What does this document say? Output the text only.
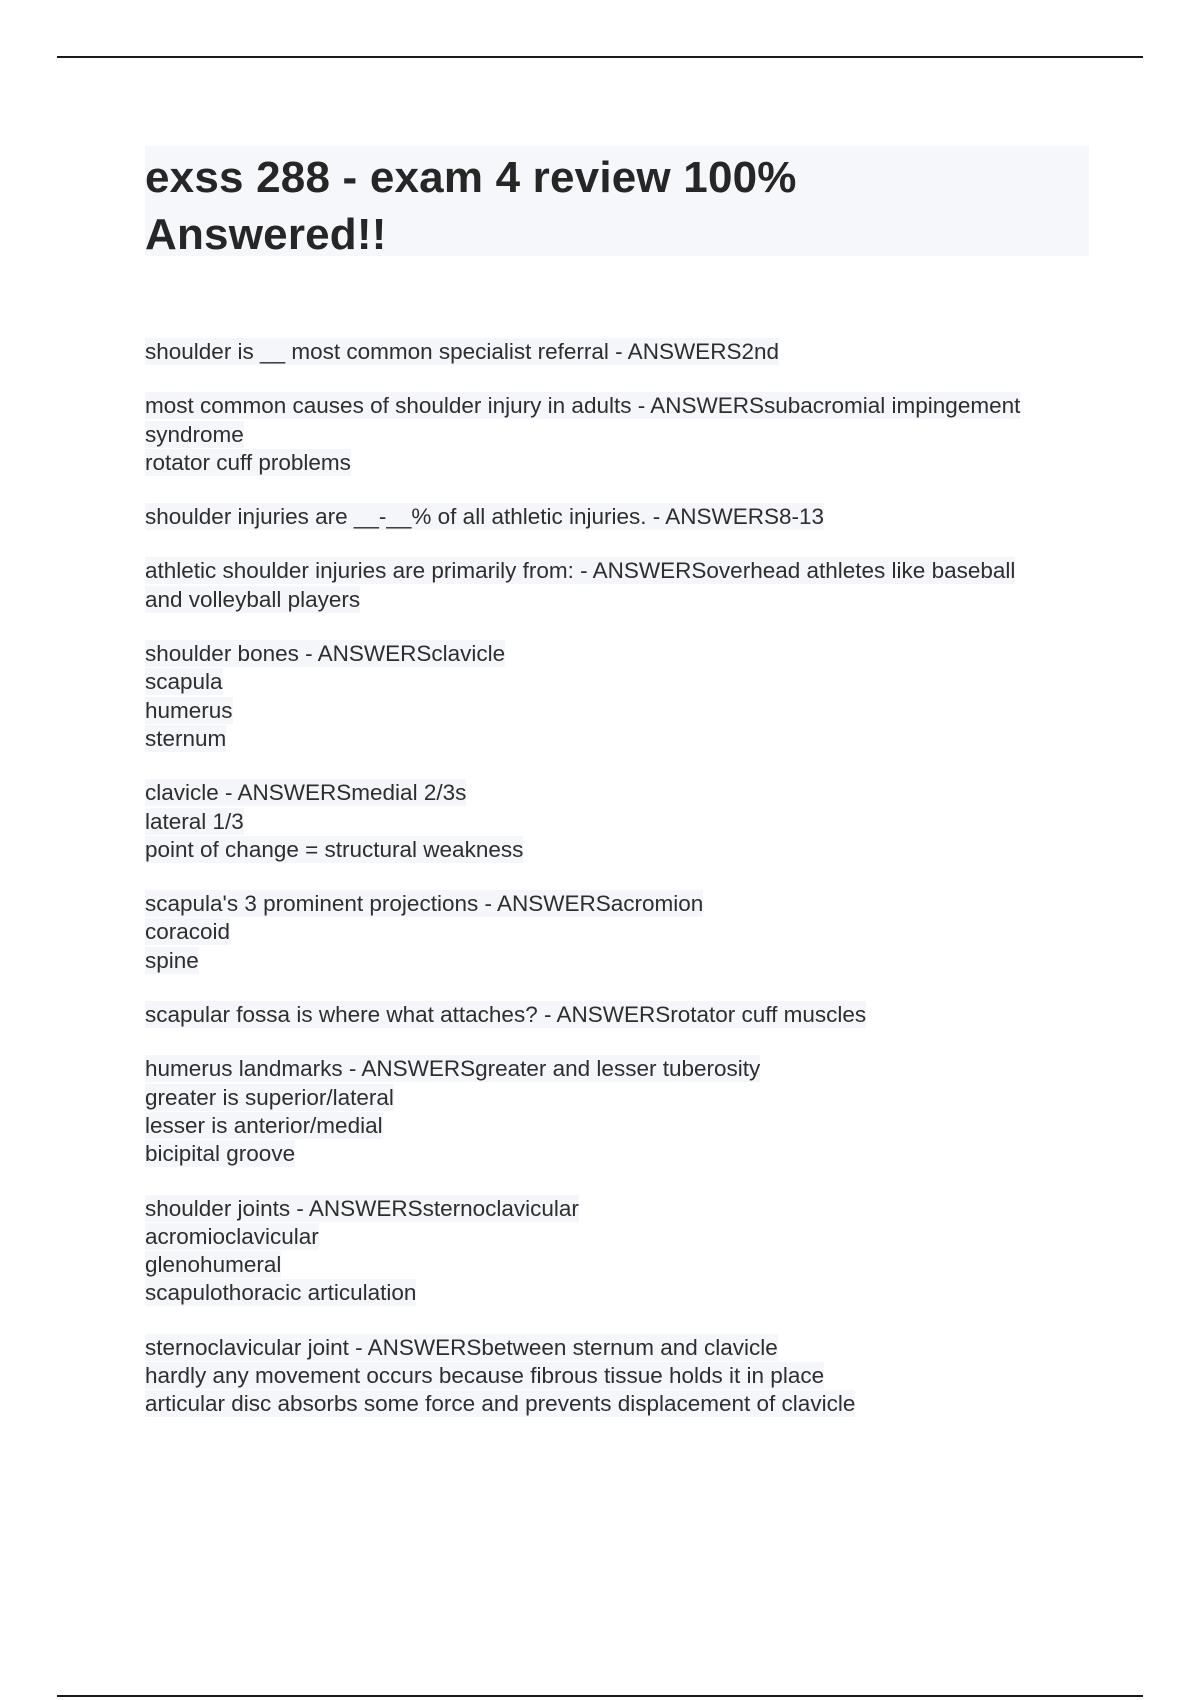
exss 288 - exam 4 review 100%
Answered!!
shoulder is __ most common specialist referral - ANSWERS2nd
most common causes of shoulder injury in adults - ANSWERSsubacromial impingement
syndrome
rotator cuff problems
shoulder injuries are __-__% of all athletic injuries. - ANSWERS8-13
athletic shoulder injuries are primarily from: - ANSWERSoverhead athletes like baseball
and volleyball players
shoulder bones - ANSWERSclavicle
scapula
humerus
sternum
clavicle - ANSWERSmedial 2/3s
lateral 1/3
point of change = structural weakness
scapula's 3 prominent projections - ANSWERSacromion
coracoid
spine
scapular fossa is where what attaches? - ANSWERSrotator cuff muscles
humerus landmarks - ANSWERSgreater and lesser tuberosity
greater is superior/lateral
lesser is anterior/medial
bicipital groove
shoulder joints - ANSWERSsternoclavicular
acromioclavicular
glenohumeral
scapulothoracic articulation
sternoclavicular joint - ANSWERSbetween sternum and clavicle
hardly any movement occurs because fibrous tissue holds it in place
articular disc absorbs some force and prevents displacement of clavicle
